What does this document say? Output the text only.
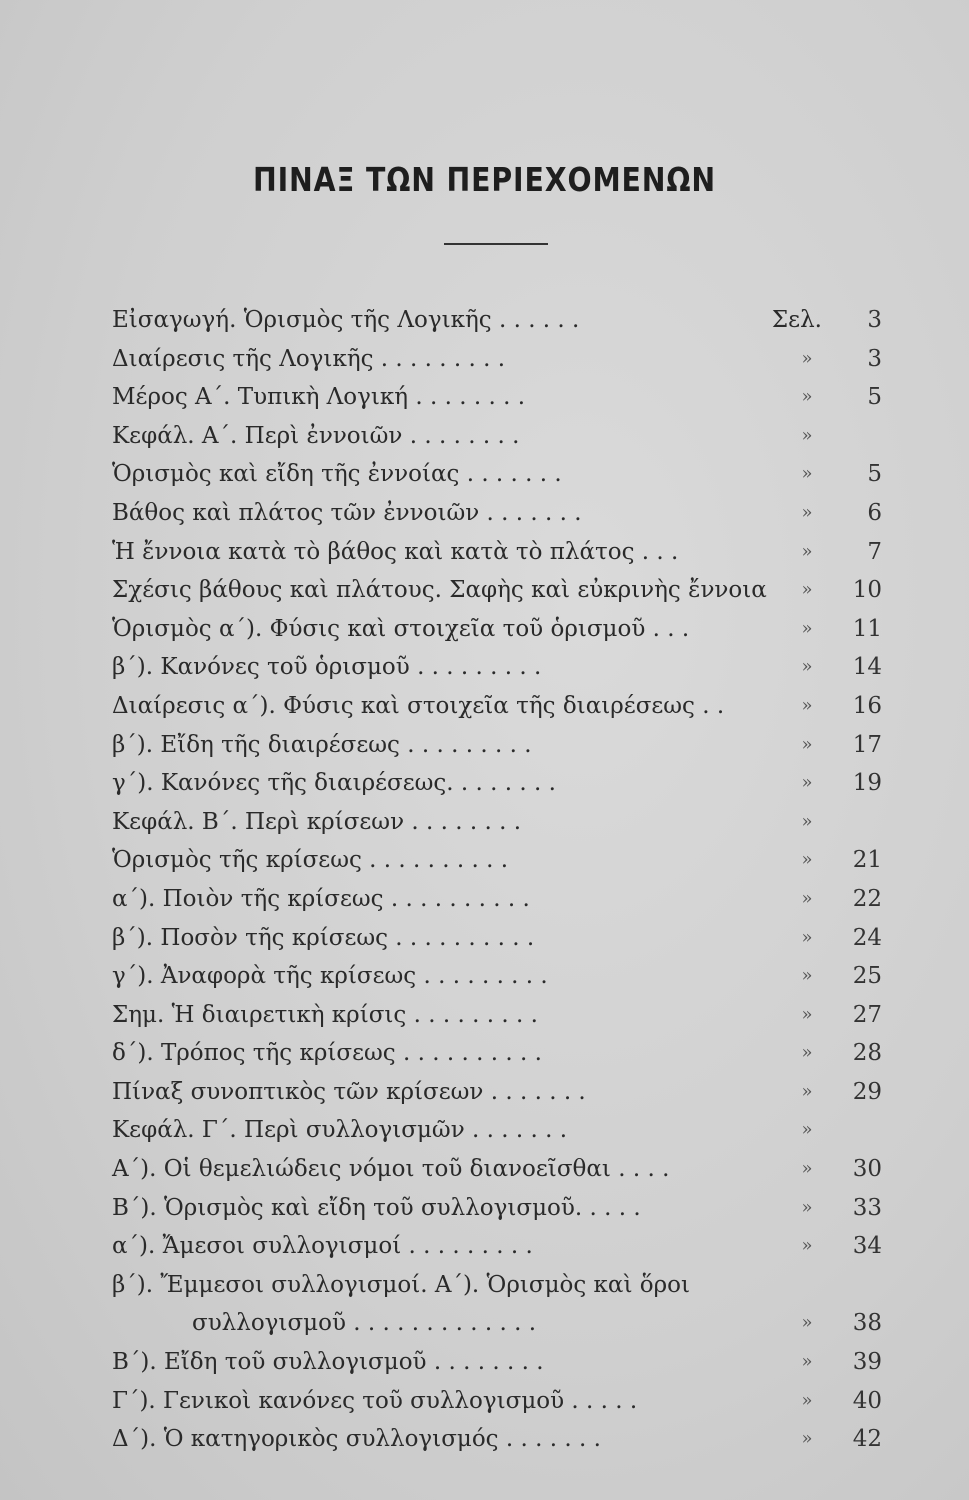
ΠΙΝΑΞ ΤΩΝ ΠΕΡΙΕΧΟΜΕΝΩΝ
Εἰσαγωγή. Ὁρισμὸς τῆς Λογικῆς . . . . . .	Σελ.	3
Διαίρεσις τῆς Λογικῆς . . . . . . . . .	»	3
Μέρος Α΄. Τυπικὴ Λογική . . . . . . . .	»	5
Κεφάλ. Α΄. Περὶ ἐννοιῶν . . . . . . . .	»
Ὁρισμὸς καὶ εἴδη τῆς ἐννοίας . . . . . . .	»	5
Βάθος καὶ πλάτος τῶν ἐννοιῶν . . . . . . .	»	6
Ἡ ἔννοια κατὰ τὸ βάθος καὶ κατὰ τὸ πλάτος . . .	»	7
Σχέσις βάθους καὶ πλάτους. Σαφὴς καὶ εὐκρινὴς ἔννοια	»	10
Ὁρισμὸς α΄). Φύσις καὶ στοιχεῖα τοῦ ὁρισμοῦ . . .	»	11
β΄). Κανόνες τοῦ ὁρισμοῦ . . . . . . . . .	»	14
Διαίρεσις α΄). Φύσις καὶ στοιχεῖα τῆς διαιρέσεως . .	»	16
β΄). Εἴδη τῆς διαιρέσεως . . . . . . . . .	»	17
γ΄). Κανόνες τῆς διαιρέσεως. . . . . . . .	»	19
Κεφάλ. Β΄. Περὶ κρίσεων . . . . . . . .	»
Ὁρισμὸς τῆς κρίσεως . . . . . . . . . .	»	21
α΄). Ποιὸν τῆς κρίσεως . . . . . . . . . .	»	22
β΄). Ποσὸν τῆς κρίσεως . . . . . . . . . .	»	24
γ΄). Ἀναφορὰ τῆς κρίσεως . . . . . . . . .	»	25
Σημ. Ἡ διαιρετικὴ κρίσις . . . . . . . . .	»	27
δ΄). Τρόπος τῆς κρίσεως . . . . . . . . . .	»	28
Πίναξ συνοπτικὸς τῶν κρίσεων . . . . . . .	»	29
Κεφάλ. Γ΄. Περὶ συλλογισμῶν . . . . . . .	»
Α΄). Οἱ θεμελιώδεις νόμοι τοῦ διανοεῖσθαι . . . .	»	30
Β΄). Ὁρισμὸς καὶ εἴδη τοῦ συλλογισμοῦ. . . . .	»	33
α΄). Ἄμεσοι συλλογισμοί . . . . . . . . .	»	34
β΄). Ἔμμεσοι συλλογισμοί. Α΄). Ὁρισμὸς καὶ ὅροι
συλλογισμοῦ . . . . . . . . . . . . .	»	38
Β΄). Εἴδη τοῦ συλλογισμοῦ . . . . . . . .	»	39
Γ΄). Γενικοὶ κανόνες τοῦ συλλογισμοῦ . . . . .	»	40
Δ΄). Ὁ κατηγορικὸς συλλογισμός . . . . . . .	»	42
